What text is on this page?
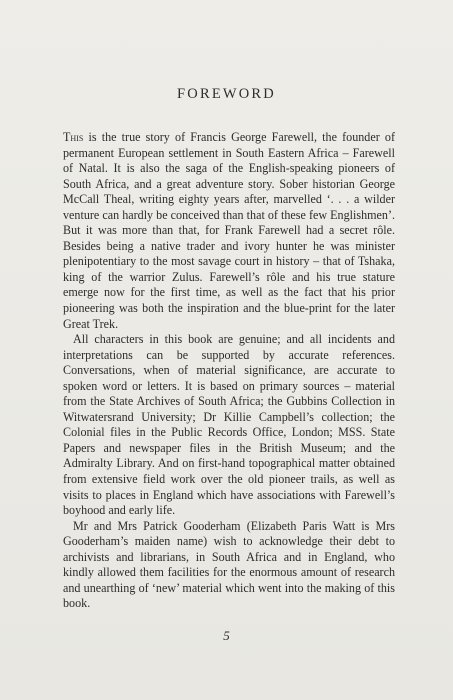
FOREWORD

This is the true story of Francis George Farewell, the founder of permanent European settlement in South Eastern Africa – Farewell of Natal. It is also the saga of the English-speaking pioneers of South Africa, and a great adventure story. Sober historian George McCall Theal, writing eighty years after, marvelled ‘. . . a wilder venture can hardly be conceived than that of these few Englishmen’. But it was more than that, for Frank Farewell had a secret rôle. Besides being a native trader and ivory hunter he was minister plenipotentiary to the most savage court in history – that of Tshaka, king of the warrior Zulus. Farewell’s rôle and his true stature emerge now for the first time, as well as the fact that his prior pioneering was both the inspiration and the blue-print for the later Great Trek.

All characters in this book are genuine; and all incidents and interpretations can be supported by accurate references. Conversations, when of material significance, are accurate to spoken word or letters. It is based on primary sources – material from the State Archives of South Africa; the Gubbins Collection in Witwatersrand University; Dr Killie Campbell’s collection; the Colonial files in the Public Records Office, London; MSS. State Papers and newspaper files in the British Museum; and the Admiralty Library. And on first-hand topographical matter obtained from extensive field work over the old pioneer trails, as well as visits to places in England which have associations with Farewell’s boyhood and early life.

Mr and Mrs Patrick Gooderham (Elizabeth Paris Watt is Mrs Gooderham’s maiden name) wish to acknowledge their debt to archivists and librarians, in South Africa and in England, who kindly allowed them facilities for the enormous amount of research and unearthing of ‘new’ material which went into the making of this book.

5
